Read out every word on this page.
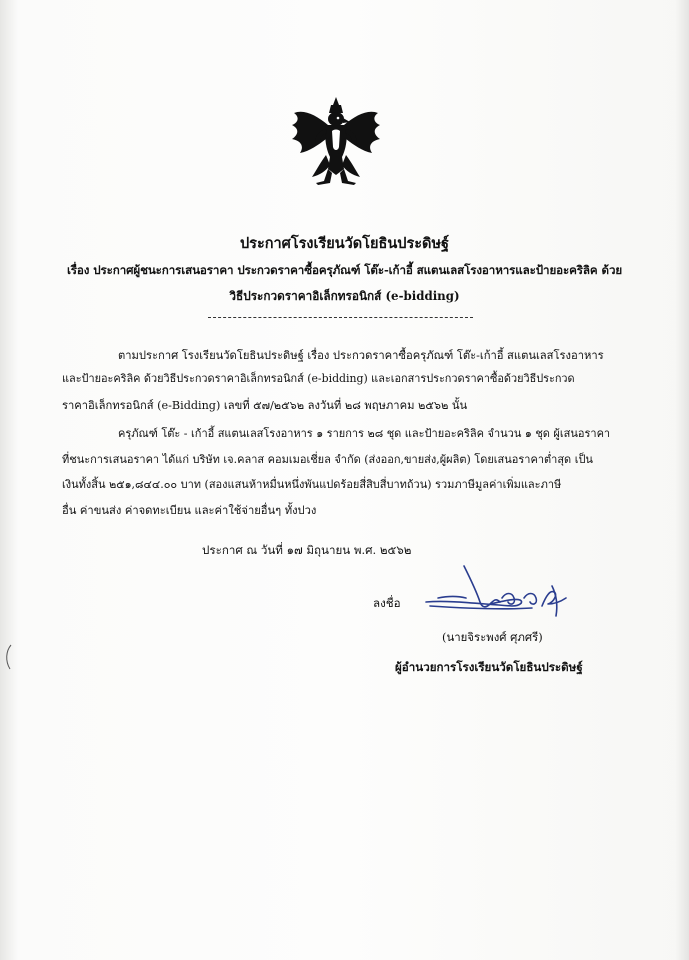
ประกาศโรงเรียนวัดโยธินประดิษฐ์
เรื่อง ประกาศผู้ชนะการเสนอราคา ประกวดราคาซื้อครุภัณฑ์ โต๊ะ-เก้าอี้ สแตนเลสโรงอาหารและป้ายอะคริลิค ด้วย
วิธีประกวดราคาอิเล็กทรอนิกส์ (e-bidding)
ตามประกาศ โรงเรียนวัดโยธินประดิษฐ์ เรื่อง ประกวดราคาซื้อครุภัณฑ์ โต๊ะ-เก้าอี้ สแตนเลสโรงอาหาร
และป้ายอะคริลิค ด้วยวิธีประกวดราคาอิเล็กทรอนิกส์ (e-bidding) และเอกสารประกวดราคาซื้อด้วยวิธีประกวด
ราคาอิเล็กทรอนิกส์ (e-Bidding) เลขที่ ๕๗/๒๕๖๒ ลงวันที่ ๒๘ พฤษภาคม ๒๕๖๒ นั้น
ครุภัณฑ์ โต๊ะ - เก้าอี้ สแตนเลสโรงอาหาร ๑ รายการ ๒๘ ชุด และป้ายอะคริลิค จำนวน ๑ ชุด ผู้เสนอราคา
ที่ชนะการเสนอราคา ได้แก่ บริษัท เจ.คลาส คอมเมอเชี่ยล จำกัด (ส่งออก,ขายส่ง,ผู้ผลิต) โดยเสนอราคาต่ำสุด เป็น
เงินทั้งสิ้น ๒๕๑,๘๔๔.๐๐ บาท (สองแสนห้าหมื่นหนึ่งพันแปดร้อยสี่สิบสี่บาทถ้วน) รวมภาษีมูลค่าเพิ่มและภาษี
อื่น ค่าขนส่ง ค่าจดทะเบียน และค่าใช้จ่ายอื่นๆ ทั้งปวง
ประกาศ ณ วันที่ ๑๗ มิถุนายน พ.ศ. ๒๕๖๒
ลงชื่อ
(นายจิระพงศ์ ศุภศรี)
ผู้อำนวยการโรงเรียนวัดโยธินประดิษฐ์
